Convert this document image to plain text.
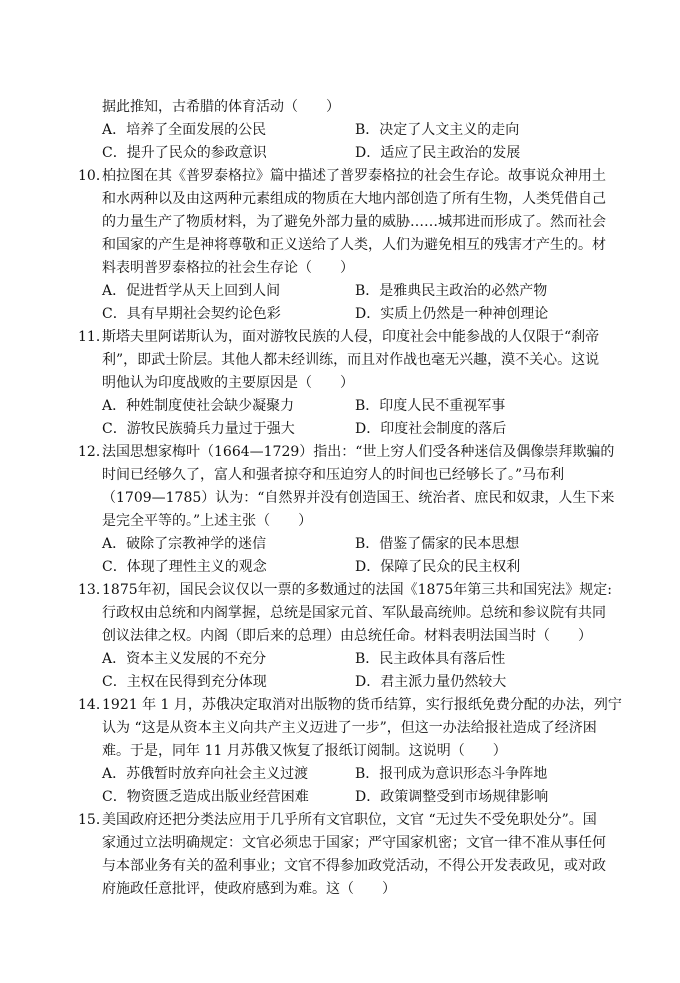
据此推知，古希腊的体育活动（　　）
A．培养了全面发展的公民	B．决定了人文主义的走向
C．提升了民众的参政意识	D．适应了民主政治的发展
10．
柏拉图在其《普罗泰格拉》篇中描述了普罗泰格拉的社会生存论。故事说众神用土
和水两种以及由这两种元素组成的物质在大地内部创造了所有生物，人类凭借自己
的力量生产了物质材料，为了避免外部力量的威胁……城邦进而形成了。然而社会
和国家的产生是神将尊敬和正义送给了人类，人们为避免相互的残害才产生的。材
料表明普罗泰格拉的社会生存论（　　）
A．促进哲学从天上回到人间	B．是雅典民主政治的必然产物
C．具有早期社会契约论色彩	D．实质上仍然是一种神创理论
11．
斯塔夫里阿诺斯认为，面对游牧民族的人侵，印度社会中能参战的人仅限于“刹帝
利”，即武士阶层。其他人都未经训练，而且对作战也毫无兴趣，漠不关心。这说
明他认为印度战败的主要原因是（　　）
A．种姓制度使社会缺少凝聚力	B．印度人民不重视军事
C．游牧民族骑兵力量过于强大	D．印度社会制度的落后
12．
法国思想家梅叶（1664—1729）指出：“世上穷人们受各种迷信及偶像崇拜欺骗的
时间已经够久了，富人和强者掠夺和压迫穷人的时间也已经够长了。”马布利
（1709—1785）认为：“自然界并没有创造国王、统治者、庶民和奴隶，人生下来
是完全平等的。”上述主张（　　）
A．破除了宗教神学的迷信	B．借鉴了儒家的民本思想
C．体现了理性主义的观念	D．保障了民众的民主权利
13．
1875年初，国民会议仅以一票的多数通过的法国《1875年第三共和国宪法》规定:
行政权由总统和内阁掌握，总统是国家元首、军队最高统帅。总统和参议院有共同
创议法律之权。内阁（即后来的总理）由总统任命。材料表明法国当时（　　）
A．资本主义发展的不充分	B．民主政体具有落后性
C．主权在民得到充分体现	D．君主派力量仍然较大
14．
1921 年 1 月，苏俄决定取消对出版物的货币结算，实行报纸免费分配的办法，列宁
认为 “这是从资本主义向共产主义迈进了一步”，但这一办法给报社造成了经济困
难。于是，同年 11 月苏俄又恢复了报纸订阅制。这说明（　　）
A．苏俄暂时放弃向社会主义过渡	B．报刊成为意识形态斗争阵地
C．物资匮乏造成出版业经营困难	D．政策调整受到市场规律影响
15．
美国政府还把分类法应用于几乎所有文官职位，文官 “无过失不受免职处分”。国
家通过立法明确规定：文官必须忠于国家；严守国家机密；文官一律不准从事任何
与本部业务有关的盈利事业；文官不得参加政党活动，不得公开发表政见，或对政
府施政任意批评，使政府感到为难。这（　　）
